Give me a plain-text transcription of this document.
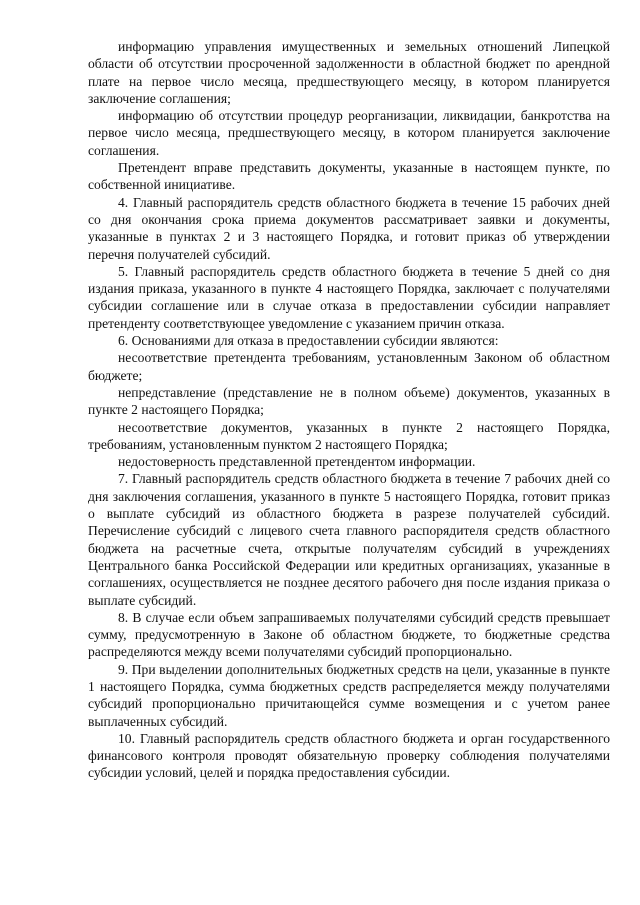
информацию управления имущественных и земельных отношений Липецкой области об отсутствии просроченной задолженности в областной бюджет по арендной плате на первое число месяца, предшествующего месяцу, в котором планируется заключение соглашения;

информацию об отсутствии процедур реорганизации, ликвидации, банкротства на первое число месяца, предшествующего месяцу, в котором планируется заключение соглашения.

Претендент вправе представить документы, указанные в настоящем пункте, по собственной инициативе.

4. Главный распорядитель средств областного бюджета в течение 15 рабочих дней со дня окончания срока приема документов рассматривает заявки и документы, указанные в пунктах 2 и 3 настоящего Порядка, и готовит приказ об утверждении перечня получателей субсидий.

5. Главный распорядитель средств областного бюджета в течение 5 дней со дня издания приказа, указанного в пункте 4 настоящего Порядка, заключает с получателями субсидии соглашение или в случае отказа в предоставлении субсидии направляет претенденту соответствующее уведомление с указанием причин отказа.

6. Основаниями для отказа в предоставлении субсидии являются:

несоответствие претендента требованиям, установленным Законом об областном бюджете;

непредставление (представление не в полном объеме) документов, указанных в пункте 2 настоящего Порядка;

несоответствие документов, указанных в пункте 2 настоящего Порядка, требованиям, установленным пунктом 2 настоящего Порядка;

недостоверность представленной претендентом информации.

7. Главный распорядитель средств областного бюджета в течение 7 рабочих дней со дня заключения соглашения, указанного в пункте 5 настоящего Порядка, готовит приказ о выплате субсидий из областного бюджета в разрезе получателей субсидий. Перечисление субсидий с лицевого счета главного распорядителя средств областного бюджета на расчетные счета, открытые получателям субсидий в учреждениях Центрального банка Российской Федерации или кредитных организациях, указанные в соглашениях, осуществляется не позднее десятого рабочего дня после издания приказа о выплате субсидий.

8. В случае если объем запрашиваемых получателями субсидий средств превышает сумму, предусмотренную в Законе об областном бюджете, то бюджетные средства распределяются между всеми получателями субсидий пропорционально.

9. При выделении дополнительных бюджетных средств на цели, указанные в пункте 1 настоящего Порядка, сумма бюджетных средств распределяется между получателями субсидий пропорционально причитающейся сумме возмещения и с учетом ранее выплаченных субсидий.

10. Главный распорядитель средств областного бюджета и орган государственного финансового контроля проводят обязательную проверку соблюдения получателями субсидии условий, целей и порядка предоставления субсидии.
